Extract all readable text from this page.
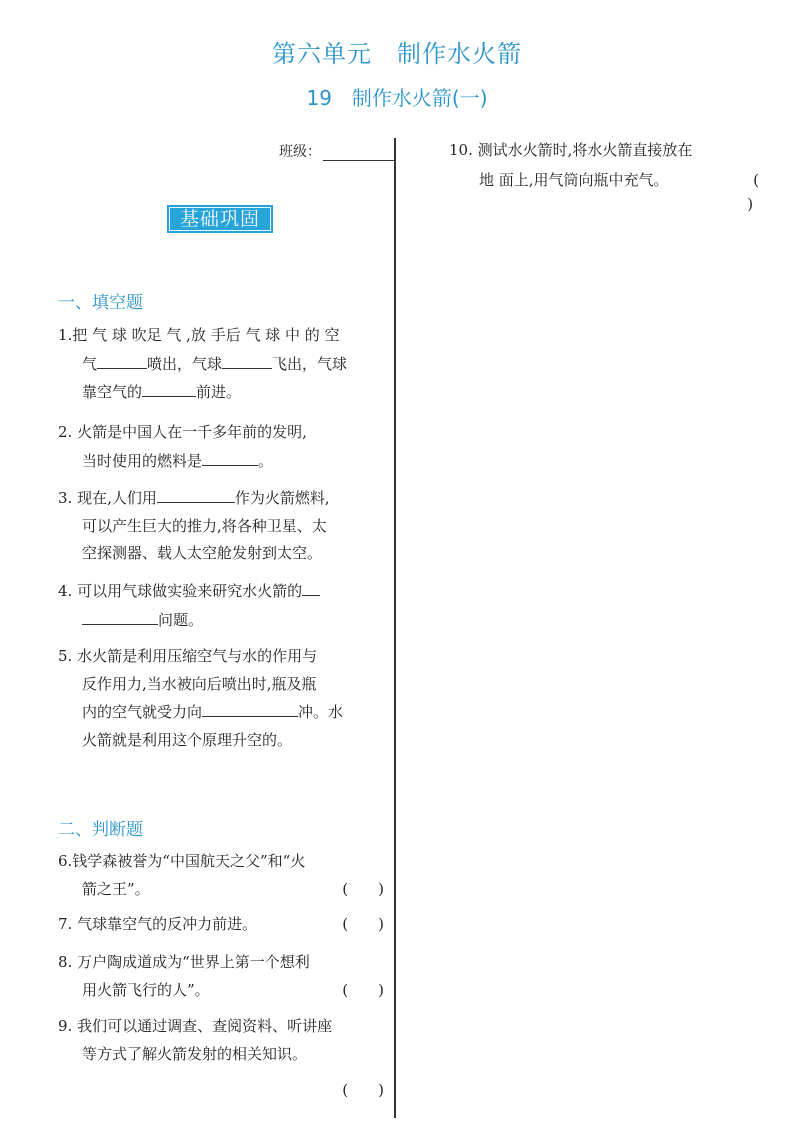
第六单元　制作水火箭
19　制作水火箭(一)
班级：
基础巩固
一、填空题
1.把 气 球 吹足 气 ,放 手后 气 球 中 的 空
气	喷出，气球	飞出，气球
靠空气的	前进。
2. 火箭是中国人在一千多年前的发明,
当时使用的燃料是	。
3. 现在,人们用	作为火箭燃料,
可以产生巨大的推力,将各种卫星、太
空探测器、载人太空舱发射到太空。
4. 可以用气球做实验来研究水火箭的
问题。
5. 水火箭是利用压缩空气与水的作用与
反作用力,当水被向后喷出时,瓶及瓶
内的空气就受力向	冲。水
火箭就是利用这个原理升空的。
二、判断题
6.钱学森被誉为“中国航天之父”和“火
箭之王”。	(　　)
7. 气球靠空气的反冲力前进。	(　　)
8. 万户陶成道成为“世界上第一个想利
用火箭飞行的人”。	(　　)
9. 我们可以通过调查、查阅资料、听讲座
等方式了解火箭发射的相关知识。
(　　)
10. 测试水火箭时,将水火箭直接放在
地 面上,用气筒向瓶中充气。	(
)
